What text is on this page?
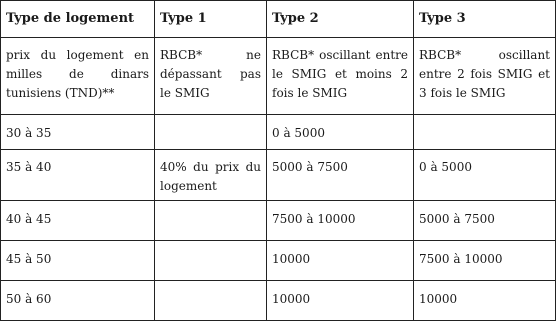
Type de logement	Type 1	Type 2	Type 3
prix du logement en milles de dinars tunisiens (TND)**	RBCB* ne dépassant pas le SMIG	RBCB* oscillant entre le SMIG et moins 2 fois le SMIG	RBCB* oscillant entre 2 fois SMIG et 3 fois le SMIG
30 à 35		0 à 5000	
35 à 40	40% du prix du logement	5000 à 7500	0 à 5000
40 à 45		7500 à 10000	5000 à 7500
45 à 50		10000	7500 à 10000
50 à 60		10000	10000
